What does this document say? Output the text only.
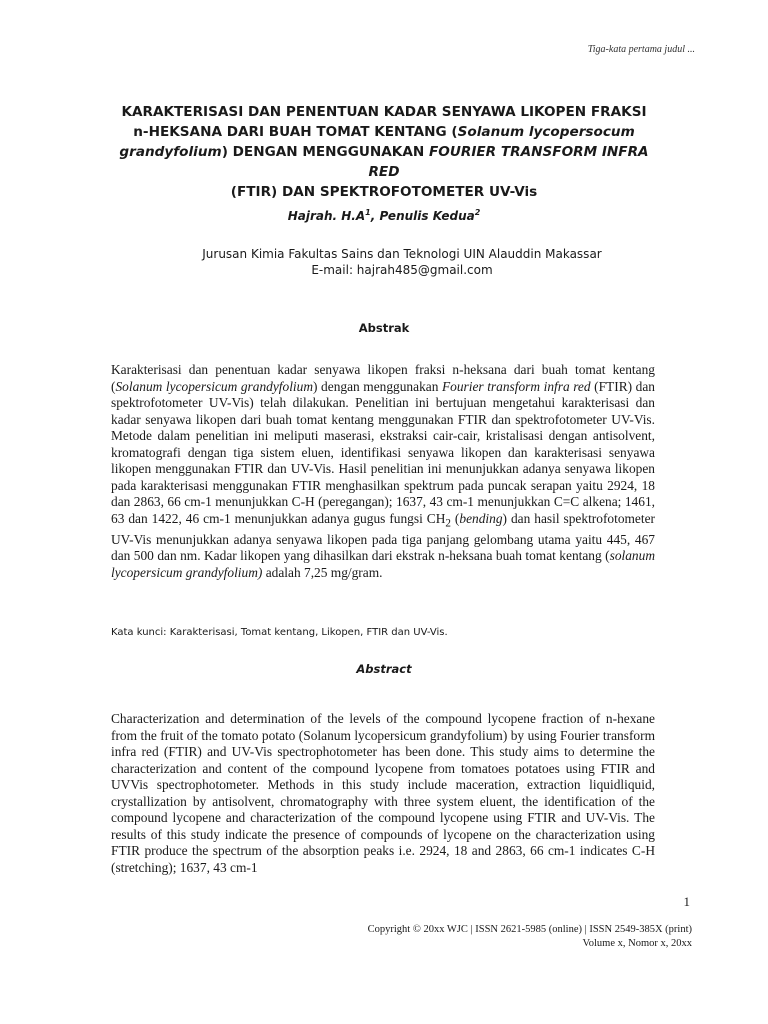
Tiga-kata pertama judul ...
KARAKTERISASI DAN PENENTUAN KADAR SENYAWA LIKOPEN FRAKSI
n-HEKSANA DARI BUAH TOMAT KENTANG (Solanum lycopersocum
grandyfolium) DENGAN MENGGUNAKAN FOURIER TRANSFORM INFRA RED
(FTIR) DAN SPEKTROFOTOMETER UV-Vis
Hajrah. $H.A^1$, Penulis Kedua$^2$
Jurusan Kimia Fakultas Sains dan Teknologi UIN Alauddin Makassar
E-mail: hajrah485@gmail.com
Abstrak
Karakterisasi dan penentuan kadar senyawa likopen fraksi n-heksana dari buah tomat kentang (Solanum lycopersicum grandyfolium) dengan menggunakan Fourier transform infra red (FTIR) dan spektrofotometer UV-Vis) telah dilakukan. Penelitian ini bertujuan mengetahui karakterisasi dan kadar senyawa likopen dari buah tomat kentang menggunakan FTIR dan spektrofotometer UV-Vis. Metode dalam penelitian ini meliputi maserasi, ekstraksi cair-cair, kristalisasi dengan antisolvent, kromatografi dengan tiga sistem eluen, identifikasi senyawa likopen dan karakterisasi senyawa likopen menggunakan FTIR dan UV-Vis. Hasil penelitian ini menunjukkan adanya senyawa likopen pada karakterisasi menggunakan FTIR menghasilkan spektrum pada puncak serapan yaitu 2924, 18 dan 2863, 66 cm-1 menunjukkan C-H (peregangan); 1637, 43 cm-1 menunjukkan C=C alkena; 1461, 63 dan 1422, 46 cm-1 menunjukkan adanya gugus fungsi $CH_2$ (bending) dan hasil spektrofotometer UV-Vis menunjukkan adanya senyawa likopen pada tiga panjang gelombang utama yaitu 445, 467 dan 500 dan nm. Kadar likopen yang dihasilkan dari ekstrak n-heksana buah tomat kentang (solanum lycopersicum grandyfolium) adalah 7,25 mg/gram.
Kata kunci: Karakterisasi, Tomat kentang, Likopen, FTIR dan UV-Vis.
Abstract
Characterization and determination of the levels of the compound lycopene fraction of n-hexane from the fruit of the tomato potato (Solanum lycopersicum grandyfolium) by using Fourier transform infra red (FTIR) and UV-Vis spectrophotometer has been done. This study aims to determine the characterization and content of the compound lycopene from tomatoes potatoes using FTIR and UVVis spectrophotometer. Methods in this study include maceration, extraction liquidliquid, crystallization by antisolvent, chromatography with three system eluent, the identification of the compound lycopene and characterization of the compound lycopene using FTIR and UV-Vis. The results of this study indicate the presence of compounds of lycopene on the characterization using FTIR produce the spectrum of the absorption peaks i.e. 2924, 18 and 2863, 66 cm-1 indicates C-H (stretching); 1637, 43 cm-1
1
Copyright © 20xx WJC | ISSN 2621-5985 (online) | ISSN 2549-385X (print)
Volume x, Nomor x, 20xx
